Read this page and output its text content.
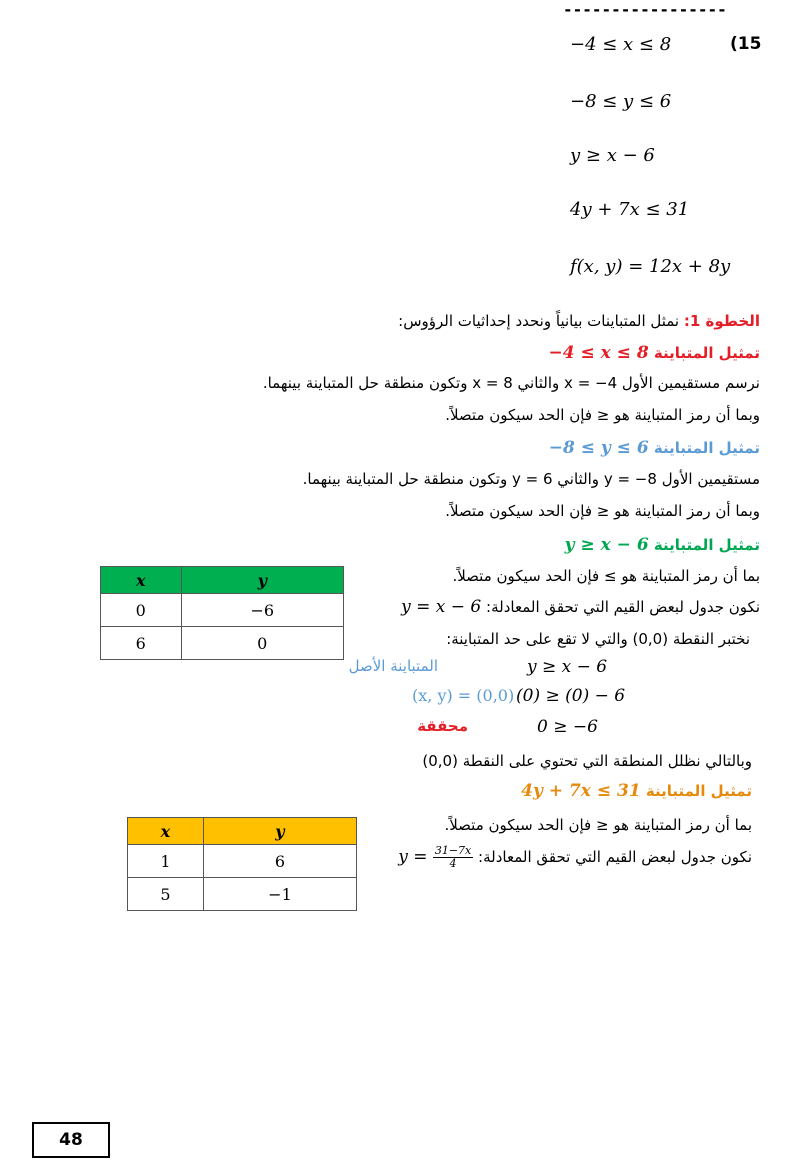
-----------------
(15
−4 ≤ x ≤ 8
−8 ≤ y ≤ 6
y ≥ x − 6
4y + 7x ≤ 31
f(x, y) = 12x + 8y
الخطوة 1: نمثل المتباينات بيانياً ونحدد إحداثيات الرؤوس:
تمثيل المتباينة −4 ≤ x ≤ 8
نرسم مستقيمين الأول x = −4 والثاني x = 8 وتكون منطقة حل المتباينة بينهما.
وبما أن رمز المتباينة هو ≤ فإن الحد سيكون متصلاً.
تمثيل المتباينة −8 ≤ y ≤ 6
مستقيمين الأول y = −8 والثاني y = 6 وتكون منطقة حل المتباينة بينهما.
وبما أن رمز المتباينة هو ≤ فإن الحد سيكون متصلاً.
تمثيل المتباينة y ≥ x − 6
بما أن رمز المتباينة هو ≥ فإن الحد سيكون متصلاً.
نكون جدول لبعض القيم التي تحقق المعادلة: y = x − 6
نختبر النقطة (0,0) والتي لا تقع على حد المتباينة:
y ≥ x − 6
المتباينة الأصل
(0) ≥ (0) − 6
(x, y) = (0,0)
0 ≥ −6
محققة
وبالتالي نظلل المنطقة التي تحتوي على النقطة (0,0)
تمثيل المتباينة 4y + 7x ≤ 31
بما أن رمز المتباينة هو ≤ فإن الحد سيكون متصلاً.
نكون جدول لبعض القيم التي تحقق المعادلة: $y = \frac{31-7x}{4}$
x	y
0	−6
6	0
x	y
1	6
5	−1
48
